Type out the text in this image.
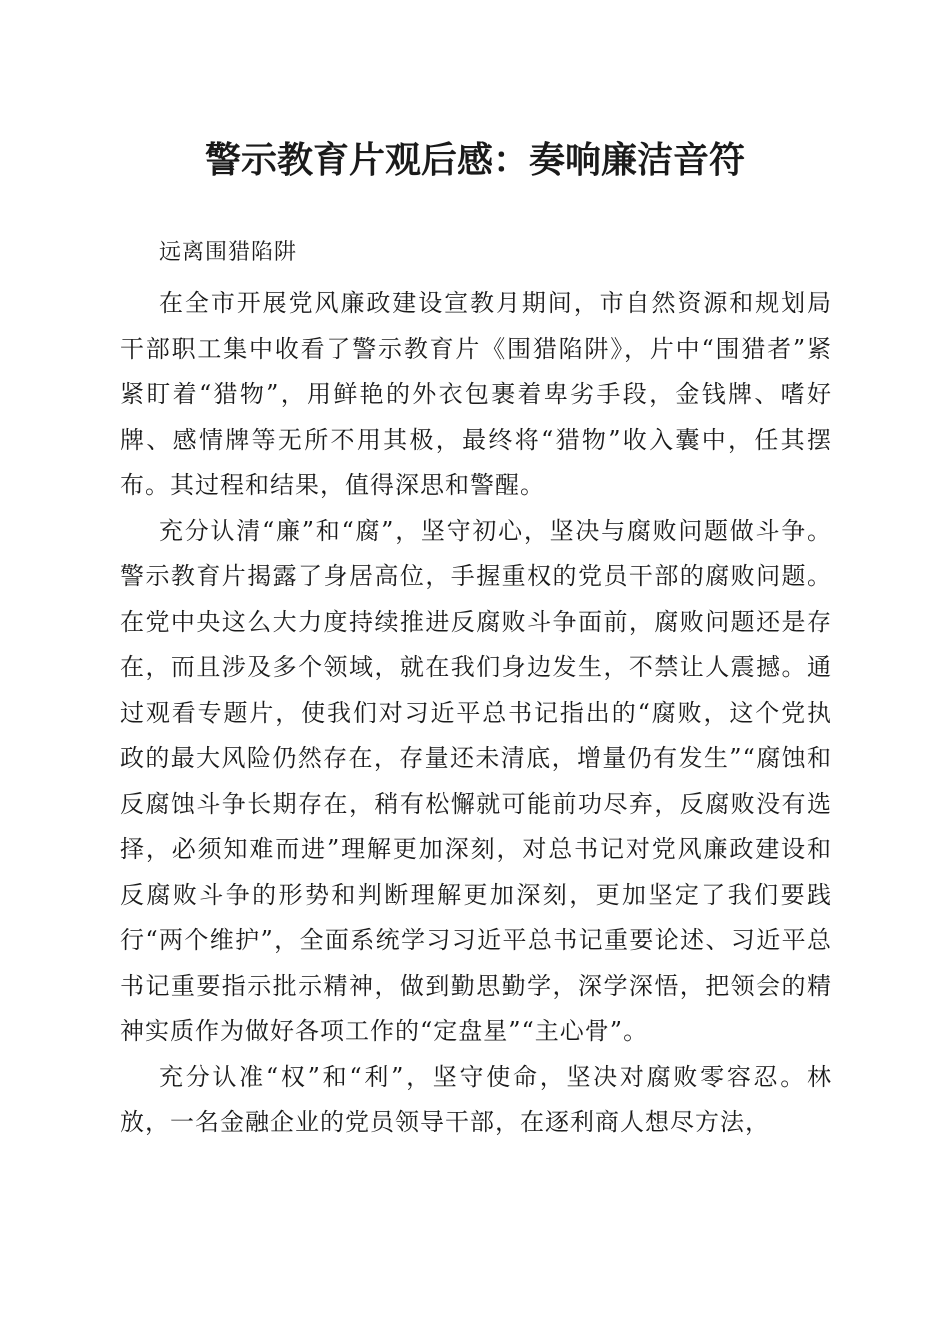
警示教育片观后感：奏响廉洁音符

远离围猎陷阱

在全市开展党风廉政建设宣教月期间，市自然资源和规划局干部职工集中收看了警示教育片《围猎陷阱》，片中“围猎者”紧紧盯着“猎物”，用鲜艳的外衣包裹着卑劣手段，金钱牌、嗜好牌、感情牌等无所不用其极，最终将“猎物”收入囊中，任其摆布。其过程和结果，值得深思和警醒。

充分认清“廉”和“腐”，坚守初心，坚决与腐败问题做斗争。警示教育片揭露了身居高位，手握重权的党员干部的腐败问题。在党中央这么大力度持续推进反腐败斗争面前，腐败问题还是存在，而且涉及多个领域，就在我们身边发生，不禁让人震撼。通过观看专题片，使我们对习近平总书记指出的“腐败，这个党执政的最大风险仍然存在，存量还未清底，增量仍有发生”“腐蚀和反腐蚀斗争长期存在，稍有松懈就可能前功尽弃，反腐败没有选择，必须知难而进”理解更加深刻，对总书记对党风廉政建设和反腐败斗争的形势和判断理解更加深刻，更加坚定了我们要践行“两个维护”，全面系统学习习近平总书记重要论述、习近平总书记重要指示批示精神，做到勤思勤学，深学深悟，把领会的精神实质作为做好各项工作的“定盘星”“主心骨”。

充分认准“权”和“利”，坚守使命，坚决对腐败零容忍。林放，一名金融企业的党员领导干部，在逐利商人想尽方法，
